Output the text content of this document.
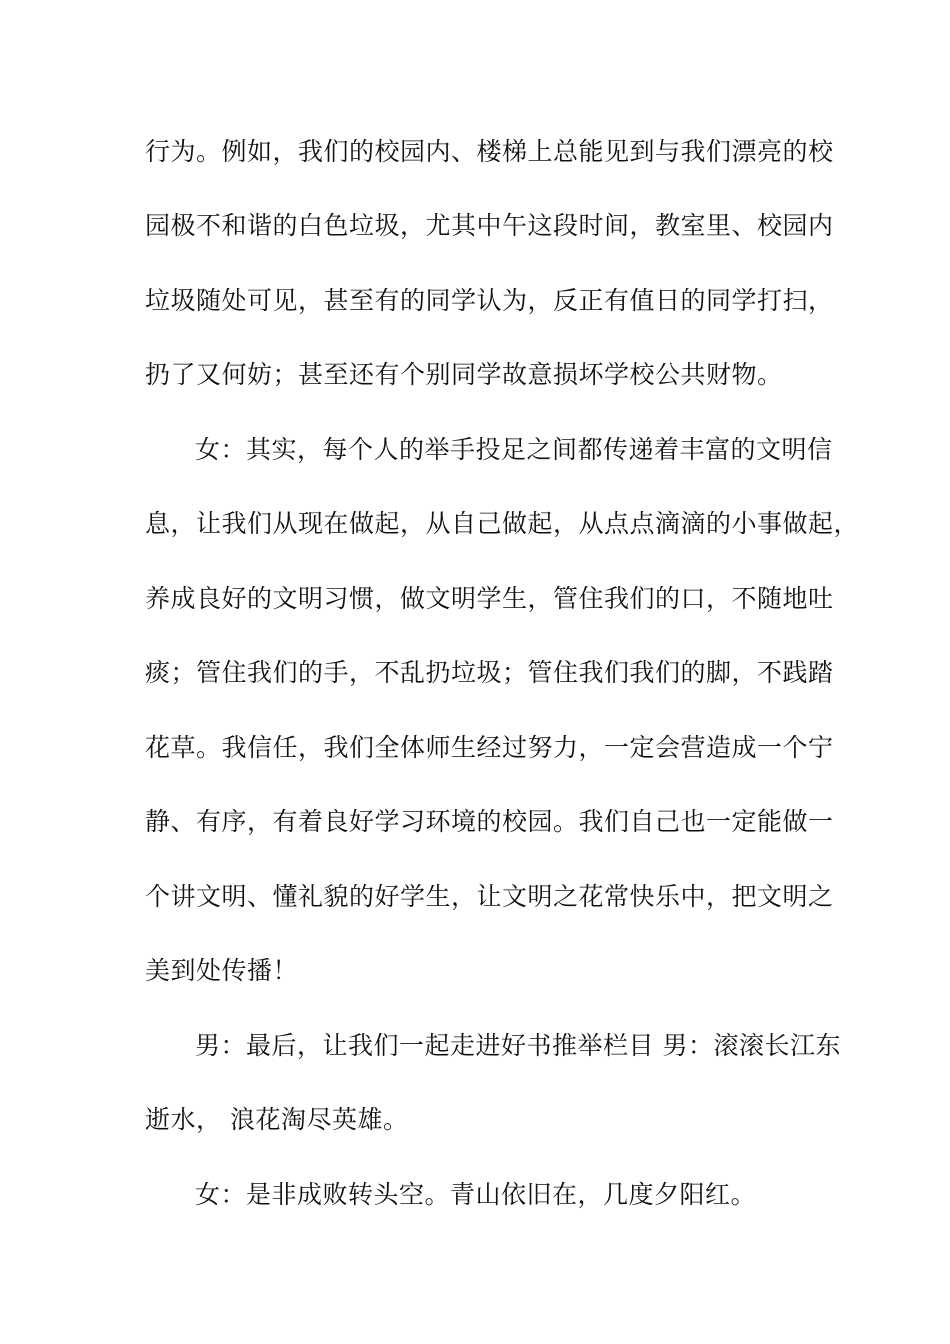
行为。例如，我们的校园内、楼梯上总能见到与我们漂亮的校
园极不和谐的白色垃圾，尤其中午这段时间，教室里、校园内
垃圾随处可见，甚至有的同学认为，反正有值日的同学打扫，
扔了又何妨；甚至还有个别同学故意损坏学校公共财物。
女：其实，每个人的举手投足之间都传递着丰富的文明信
息，让我们从现在做起，从自己做起，从点点滴滴的小事做起，
养成良好的文明习惯，做文明学生，管住我们的口，不随地吐
痰；管住我们的手，不乱扔垃圾；管住我们我们的脚，不践踏
花草。我信任，我们全体师生经过努力，一定会营造成一个宁
静、有序，有着良好学习环境的校园。我们自己也一定能做一
个讲文明、懂礼貌的好学生，让文明之花常快乐中，把文明之
美到处传播！
男：最后，让我们一起走进好书推举栏目 男：滚滚长江东
逝水， 浪花淘尽英雄。
女：是非成败转头空。青山依旧在，几度夕阳红。
